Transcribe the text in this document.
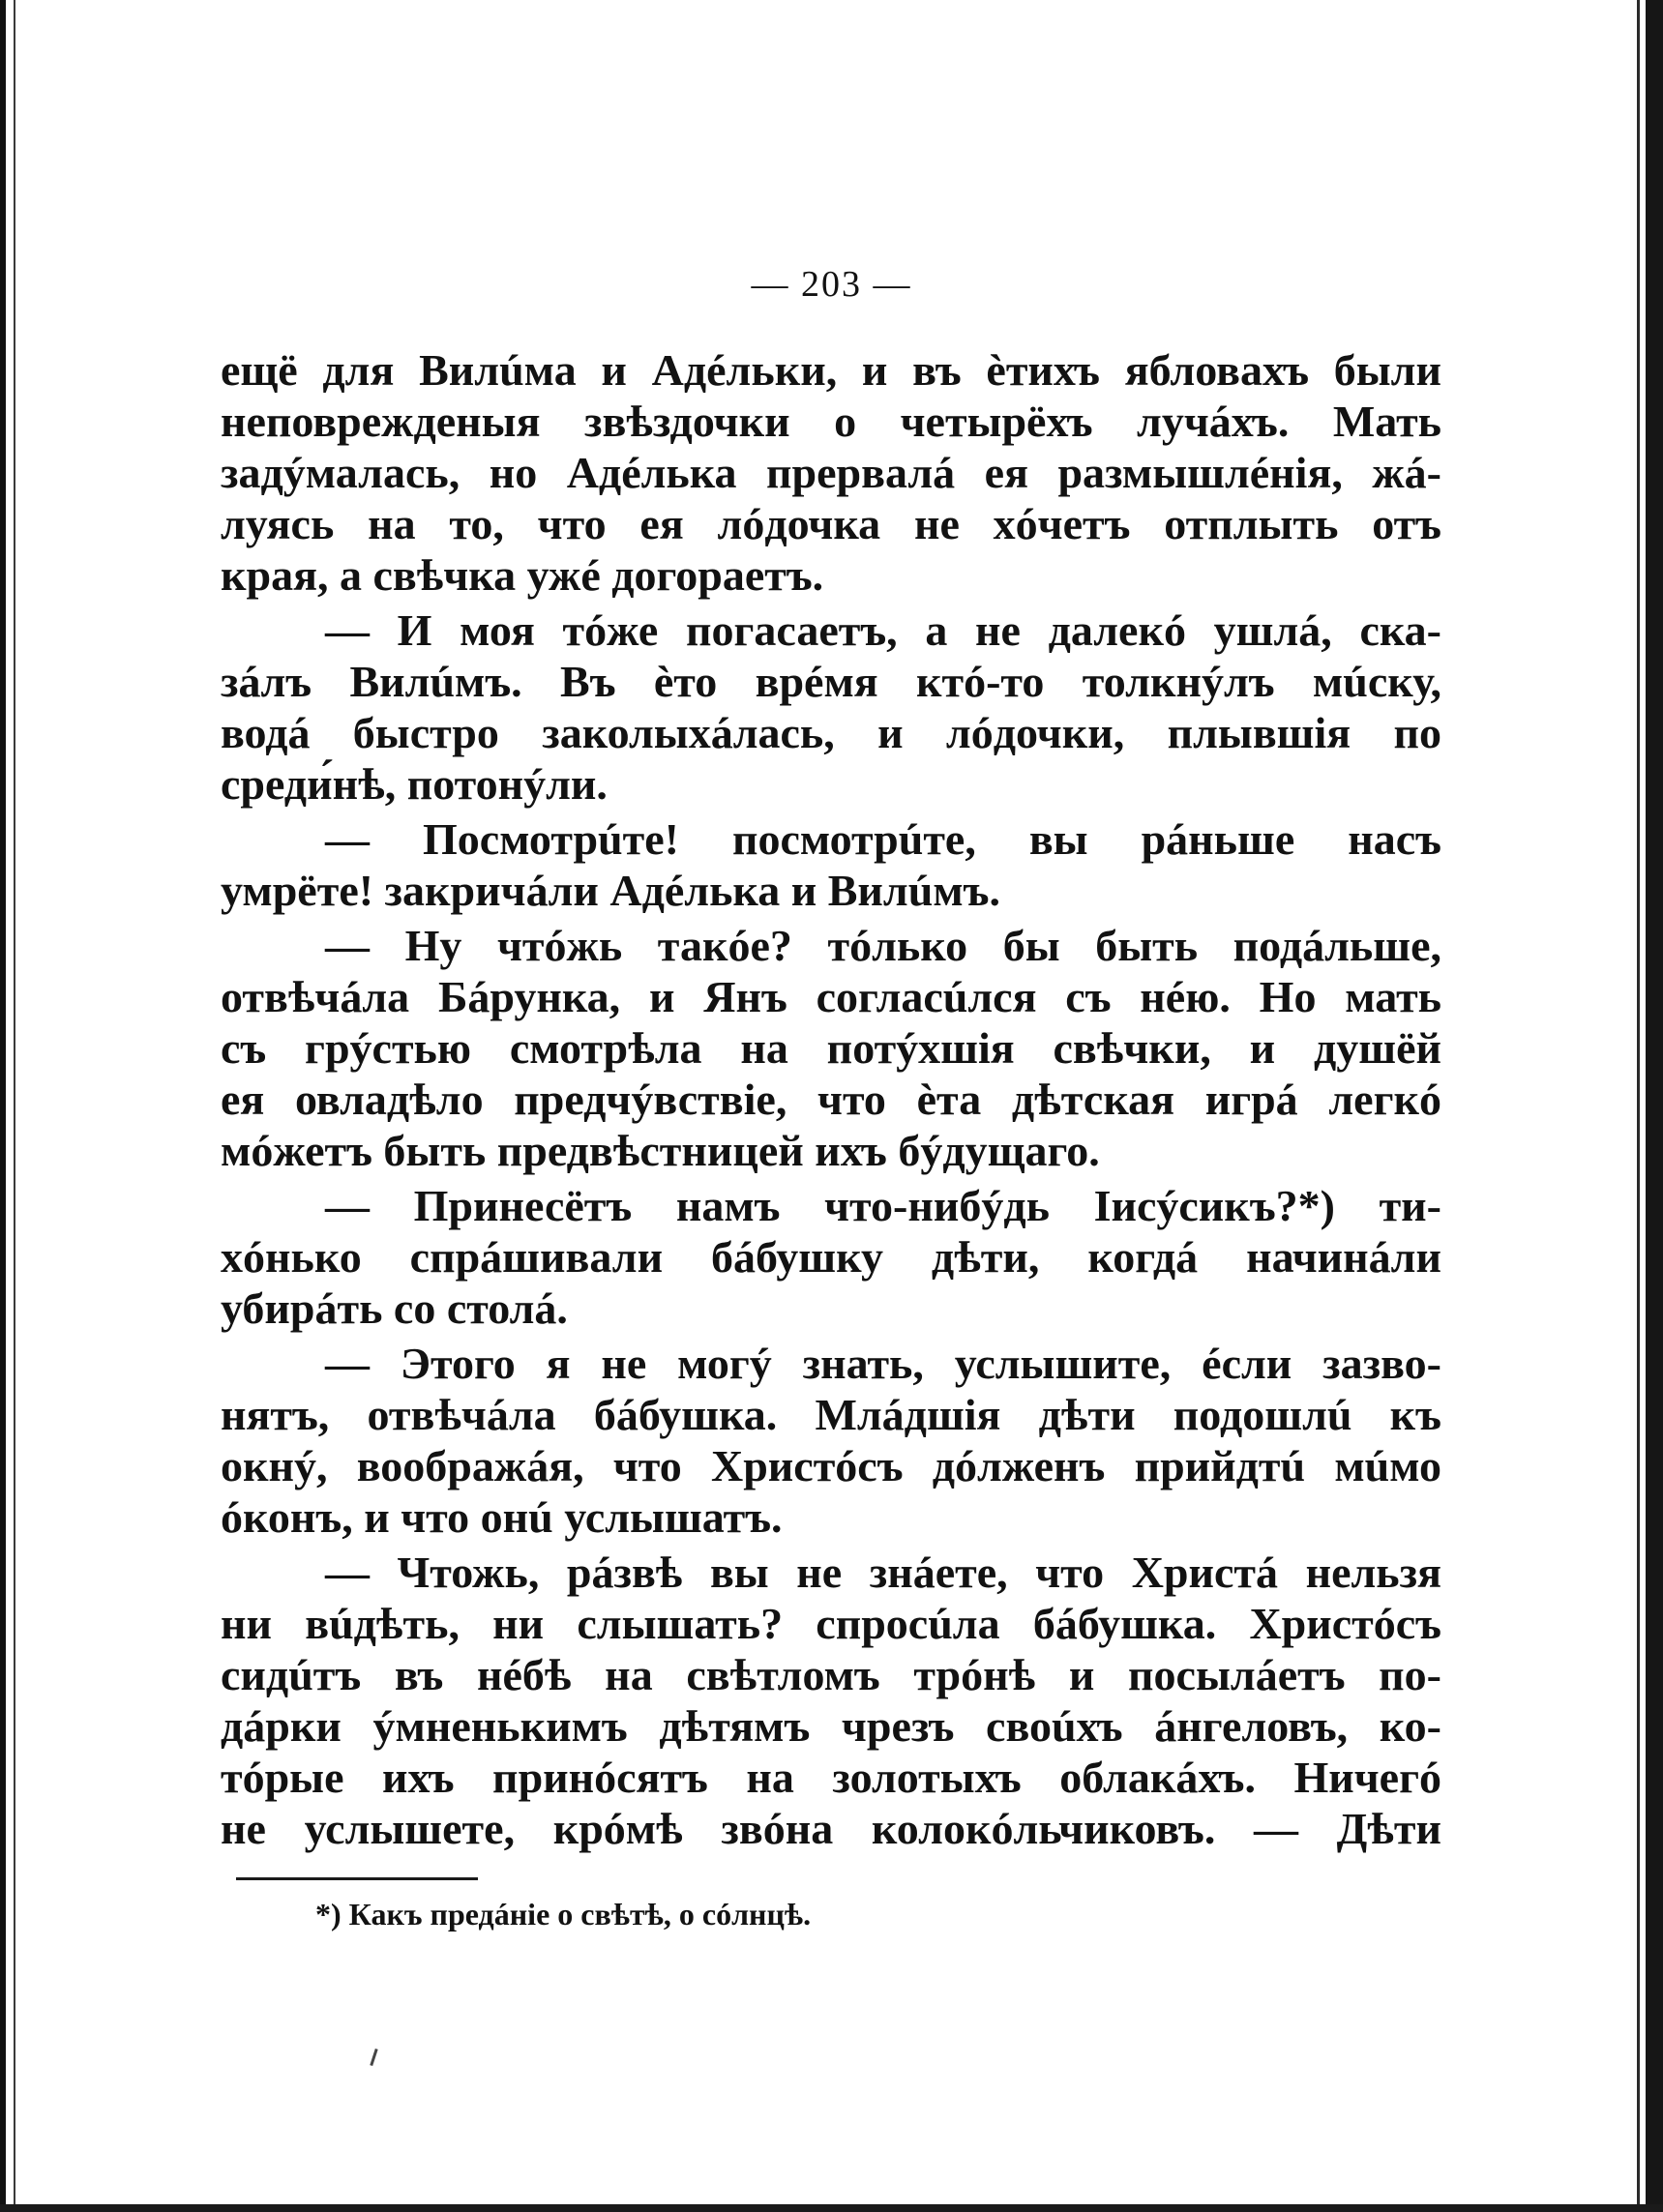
— 203 —
ещё для Вилúма и Адéльки, и въ ѐтихъ ябловахъ были
неповрежденыя звѣздочки о четырёхъ лучáхъ. Мать
задýмалась, но Адéлька прервалá ея размышлéнія, жá-
луясь на то, что ея лóдочка не хóчетъ отплыть отъ
края, а свѣчка ужé догораетъ.
— И моя тóже погасаетъ, а не далекó ушлá, ска-
зáлъ Вилúмъ. Въ ѐто врéмя ктó-то толкнýлъ мúску,
водá быстро заколыхáлась, и лóдочки, плывшія по
среди́нѣ, потонýли.
— Посмотрúте! посмотрúте, вы рáньше насъ
умрёте! закричáли Адéлька и Вилúмъ.
— Ну чтóжь такóе? тóлько бы быть подáльше,
отвѣчáла Бáрунка, и Янъ согласúлся съ нéю. Но мать
съ грýстью смотрѣла на потýхшія свѣчки, и душёй
ея овладѣло предчýвствіе, что ѐта дѣтская игрá легкó
мóжетъ быть предвѣстницей ихъ бýдущаго.
— Принесётъ намъ что-нибýдь Іисýсикъ?*) ти-
хóнько спрáшивали бáбушку дѣти, когдá начинáли
убирáть со столá.
— Этого я не могý знать, услышите, éсли зазво-
нятъ, отвѣчáла бáбушка. Млáдшія дѣти подошлú къ
окнý, воображáя, что Христóсъ дóлженъ прийдтú мúмо
óконъ, и что онú услышатъ.
— Чтожь, рáзвѣ вы не знáете, что Христá нельзя
ни вúдѣть, ни слышать? спросúла бáбушка. Христóсъ
сидúтъ въ нéбѣ на свѣтломъ трóнѣ и посылáетъ по-
дáрки ýмненькимъ дѣтямъ чрезъ своúхъ áнгеловъ, ко-
тóрые ихъ принóсятъ на золотыхъ облакáхъ. Ничегó
не услышете, крóмѣ звóна колокóльчиковъ. — Дѣти
*) Какъ предáніе о свѣтѣ, о сóлнцѣ.
